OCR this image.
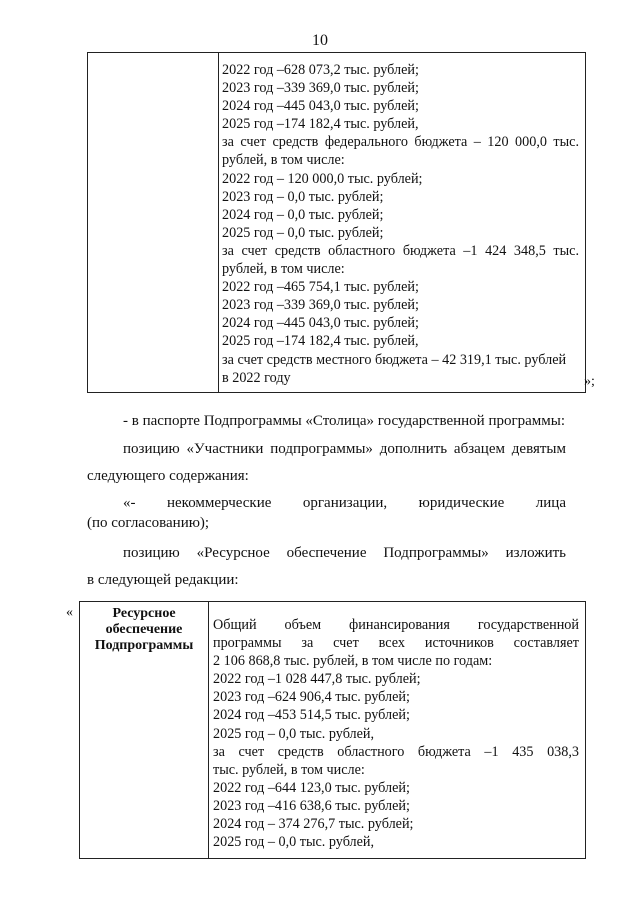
10
2022 год –628 073,2 тыс. рублей;
2023 год –339 369,0 тыс. рублей;
2024 год –445 043,0 тыс. рублей;
2025 год –174 182,4 тыс. рублей,
за счет средств федерального бюджета – 120 000,0 тыс.
рублей, в том числе:
2022 год – 120 000,0 тыс. рублей;
2023 год – 0,0 тыс. рублей;
2024 год – 0,0 тыс. рублей;
2025 год – 0,0 тыс. рублей;
за счет средств областного бюджета –1 424 348,5 тыс.
рублей, в том числе:
2022 год –465 754,1 тыс. рублей;
2023 год –339 369,0 тыс. рублей;
2024 год –445 043,0 тыс. рублей;
2025 год –174 182,4 тыс. рублей,
за счет средств местного бюджета – 42 319,1 тыс. рублей
в 2022 году	»;
- в паспорте Подпрограммы «Столица» государственной программы:
позицию «Участники подпрограммы» дополнить абзацем девятым
следующего содержания:
«- некоммерческие организации, юридические лица
(по согласованию);
позицию «Ресурсное обеспечение Подпрограммы» изложить
в следующей редакции:
«	Ресурсное
обеспечение
Подпрограммы
Общий объем финансирования государственной
программы за счет всех источников составляет
2 106 868,8 тыс. рублей, в том числе по годам:
2022 год –1 028 447,8 тыс. рублей;
2023 год –624 906,4 тыс. рублей;
2024 год –453 514,5 тыс. рублей;
2025 год – 0,0 тыс. рублей,
за счет средств областного бюджета –1 435 038,3
тыс. рублей, в том числе:
2022 год –644 123,0 тыс. рублей;
2023 год –416 638,6 тыс. рублей;
2024 год – 374 276,7 тыс. рублей;
2025 год – 0,0 тыс. рублей,
